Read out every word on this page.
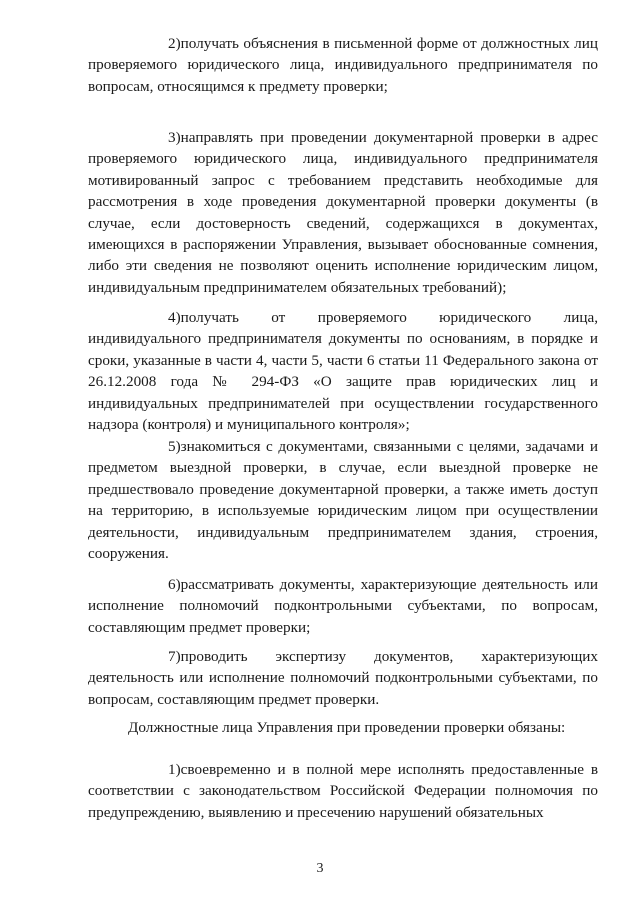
2)получать объяснения в письменной форме от должностных лиц проверяемого юридического лица, индивидуального предпринимателя по вопросам, относящимся к предмету проверки;

3)направлять при проведении документарной проверки в адрес проверяемого юридического лица, индивидуального предпринимателя мотивированный запрос с требованием представить необходимые для рассмотрения в ходе проведения документарной проверки документы (в случае, если достоверность сведений, содержащихся в документах, имеющихся в распоряжении Управления, вызывает обоснованные сомнения, либо эти сведения не позволяют оценить исполнение юридическим лицом, индивидуальным предпринимателем обязательных требований);

4)получать от проверяемого юридического лица, индивидуального предпринимателя документы по основаниям, в порядке и сроки, указанные в части 4, части 5, части 6 статьи 11 Федерального закона от 26.12.2008 года № 294-ФЗ «О защите прав юридических лиц и индивидуальных предпринимателей при осуществлении государственного надзора (контроля) и муниципального контроля»;

5)знакомиться с документами, связанными с целями, задачами и предметом выездной проверки, в случае, если выездной проверке не предшествовало проведение документарной проверки, а также иметь доступ на территорию, в используемые юридическим лицом при осуществлении деятельности, индивидуальным предпринимателем здания, строения, сооружения.

6)рассматривать документы, характеризующие деятельность или исполнение полномочий подконтрольными субъектами, по вопросам, составляющим предмет проверки;

7)проводить экспертизу документов, характеризующих деятельность или исполнение полномочий подконтрольными субъектами, по вопросам, составляющим предмет проверки.

Должностные лица Управления при проведении проверки обязаны:

1)своевременно и в полной мере исполнять предоставленные в соответствии с законодательством Российской Федерации полномочия по предупреждению, выявлению и пресечению нарушений обязательных

3
